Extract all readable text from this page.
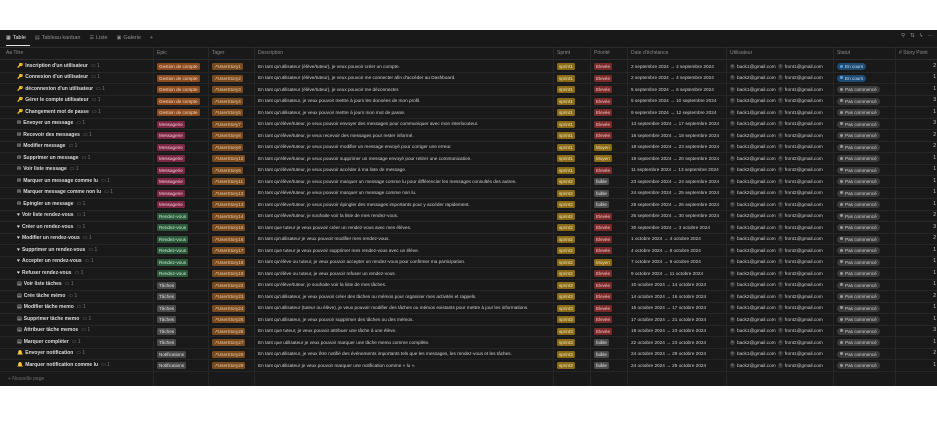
▦ Table ▤ Tableau kanban ☰ Liste ▣ Galerie +	⚲ ⇅ ϟ ⋯
Aa Titre	Epic	Tager	Description	Sprint	Priorité	Date d'échéance	Utilisateur	Statut	# Story Point
🔑 Inscription d'un utilisateur ▭ 1	Gestion de compte	↗UserStory1	En tant qu'utilisateur (élève/tuteur), je veux pouvoir créer un compte.	sprint1	Elevée	2 septembre 2024 → 4 septembre 2024	b back1@gmail.com	f front1@gmail.com	En cours	2
🔑 Connexion d'un utilisateur ▭ 1	Gestion de compte	↗UserStory2	En tant qu'utilisateur (élève/tuteur), je veux pouvoir me connecter afin d'accéder au Dashboard.	sprint1	Elevée	2 septembre 2024 → 4 septembre 2024	b back2@gmail.com	f front2@gmail.com	En cours	1
🔑 déconnexion d'un utilisateur ▭ 1	Gestion de compte	↗UserStory3	En tant qu'utilisateur (élève/tuteur), je veux pouvoir me déconnecter.	sprint1	Elevée	5 septembre 2024 → 6 septembre 2024	b back1@gmail.com	f front1@gmail.com	Pas commencé	1
🔑 Gérer le compte utilisateur ▭ 1	Gestion de compte	↗UserStory4	En tant qu'utilisateur, je veux pouvoir mettre à jours les données de mon profil.	sprint1	Elevée	5 septembre 2024 → 10 septembre 2024	b back2@gmail.com	f front2@gmail.com	Pas commencé	3
🔑 Changement mot de passe ▭ 1	Gestion de compte	↗UserStory5	En tant qu'utilisateur, je veux pouvoir mettre à jours mon mot de passe.	sprint1	Elevée	9 septembre 2024 → 12 septembre 2024	b back1@gmail.com	f front1@gmail.com	Pas commencé	1
✉ Envoyer un message ▭ 1	Messagerie	↗UserStory7	En tant qu'élève/tuteur, je veux pouvoir envoyer des messages pour communiquer avec mon interlocuteur.	sprint1	Elevée	13 septembre 2024 → 17 septembre 2024	b back1@gmail.com	f front1@gmail.com	Pas commencé	3
✉ Recevoir des messages ▭ 1	Messagerie	↗UserStory8	En tant qu'élève/tuteur, je veux recevoir des messages pour rester informé.	sprint1	Elevée	16 septembre 2024 → 18 septembre 2024	b back2@gmail.com	f front2@gmail.com	Pas commencé	2
✉ Modifier message ▭ 1	Messagerie	↗UserStory9	En tant qu'élève/tuteur, je veux pouvoir modifier un message envoyé pour corriger une erreur.	sprint1	Moyen	18 septembre 2024 → 23 septembre 2024	b back1@gmail.com	f front1@gmail.com	Pas commencé	2
✉ Supprimer un message ▭ 1	Messagerie	↗UserStory10	En tant qu'élève/tuteur, je veux pouvoir supprimer un message envoyé pour retirer une communication.	sprint1	Moyen	19 septembre 2024 → 20 septembre 2024	b back2@gmail.com	f front2@gmail.com	Pas commencé	1
✉ Voir liste message ▭ 1	Messagerie	↗UserStory6	En tant qu'élève/tuteur, je veux pouvoir accéder à ma liste de message.	sprint1	Elevée	11 septembre 2024 → 13 septembre 2024	b back2@gmail.com	f front2@gmail.com	Pas commencé	1
✉ Marquer un message comme lu ▭ 1	Messagerie	↗UserStory11	En tant qu'élève/tuteur, je veux pouvoir marquer un message comme lu pour différencier les messages consultés des autres.	sprint2	faible	23 septembre 2024 → 24 septembre 2024	b back1@gmail.com	f front1@gmail.com	Pas commencé	1
✉ Marquer message comme non lu ▭ 1	Messagerie	↗UserStory12	En tant qu'élève/tuteur, je veux pouvoir marquer un message comme non lu.	sprint2	faible	24 septembre 2024 → 25 septembre 2024	b back2@gmail.com	f front2@gmail.com	Pas commencé	1
✉ Epingler un message ▭ 1	Messagerie	↗UserStory13	En tant qu'élève/tuteur, je veux pouvoir épingler des messages importants pour y accéder rapidement.	sprint2	faible	25 septembre 2024 → 26 septembre 2024	b back1@gmail.com	f front1@gmail.com	Pas commencé	1
♥ Voir liste rendez-vous ▭ 1	Rendez-vous	↗UserStory14	En tant qu'élève/tuteur, je souhaite voir la liste de mes rendez-vous.	sprint2	Elevée	26 septembre 2024 → 30 septembre 2024	b back2@gmail.com	f front2@gmail.com	Pas commencé	2
♥ Créer un rendez-vous ▭ 1	Rendez-vous	↗UserStory15	En tant que tuteur je veux pouvoir créer un rendez-vous avec mes élèves.	sprint2	Elevée	30 septembre 2024 → 3 octobre 2024	b back1@gmail.com	f front1@gmail.com	Pas commencé	3
♥ Modifier un rendez-vous ▭ 1	Rendez-vous	↗UserStory16	En tant qu'utilisateur je veux pouvoir modifier mes rendez-vous.	sprint2	Elevée	1 octobre 2024 → 4 octobre 2024	b back1@gmail.com	f front1@gmail.com	Pas commencé	2
♥ Supprimer un rendez-vous ▭ 1	Rendez-vous	↗UserStory17	En tant que tuteur je veux pouvoir supprimer mes rendez-vous avec un élève.	sprint2	Elevée	4 octobre 2024 → 8 octobre 2024	b back2@gmail.com	f front2@gmail.com	Pas commencé	1
♥ Accepter un rendez-vous ▭ 1	Rendez-vous	↗UserStory18	En tant qu'élève ou tuteur, je veux pouvoir accepter un rendez-vous pour confirmer ma participation.	sprint2	Moyen	7 octobre 2024 → 9 octobre 2024	b back1@gmail.com	f front1@gmail.com	Pas commencé	1
♥ Refuser rendez-vous ▭ 1	Rendez-vous	↗UserStory19	En tant qu'élève ou tuteur, je veux pouvoir refuser un rendez-vous.	sprint2	Elevée	9 octobre 2024 → 11 octobre 2024	b back2@gmail.com	f front2@gmail.com	Pas commencé	1
▤ Voir liste tâches ▭ 1	Tâches	↗UserStory22	En tant qu'élève/tuteur, je souhaite voir la liste de mes tâches.	sprint3	Elevée	10 octobre 2024 → 14 octobre 2024	b back1@gmail.com	f front1@gmail.com	Pas commencé	1
▤ Crée tâche mémo ▭ 1	Tâches	↗UserStory23	En tant qu'utilisateur, je veux pouvoir créer des tâches ou mémos pour organiser mes activités et rappels.	sprint3	Elevée	14 octobre 2024 → 16 octobre 2024	b back2@gmail.com	f front2@gmail.com	Pas commencé	2
▤ Modifier tâche memo ▭ 1	Tâches	↗UserStory24	En tant qu'utilisateur (tuteur ou élève), je veux pouvoir modifier des tâches ou mémos existants pour mettre à jour les informations.	sprint3	Elevée	15 octobre 2024 → 17 octobre 2024	b back1@gmail.com	f front1@gmail.com	Pas commencé	1
▤ Supprimer tâche memo ▭ 1	Tâches	↗UserStory25	En tant qu'utilisateur, je veux pouvoir supprimer des tâches ou des mémos.	sprint3	Elevée	17 octobre 2024 → 21 octobre 2024	b back2@gmail.com	f front2@gmail.com	Pas commencé	1
▤ Attribuer tâche memos ▭ 1	Tâches	↗UserStory26	En tant que tuteur, je veux pouvoir attribuer une tâche à une élève.	sprint3	Elevée	18 octobre 2024 → 23 octobre 2024	b back1@gmail.com	f front1@gmail.com	Pas commencé	3
▤ Marquer complèter ▭ 1	Tâches	↗UserStory27	En tant que utilisateur je veux pouvoir marquer une tâche memo comme complète.	sprint3	faible	22 octobre 2024 → 23 octobre 2024	b back2@gmail.com	f front2@gmail.com	Pas commencé	1
🔔 Envoyer notification ▭ 1	Notifications	↗UserStory28	En tant qu'utilisateur, je veux être notifié des événements importants tels que les messages, les rendez-vous et les tâches.	sprint3	faible	24 octobre 2024 → 29 octobre 2024	b back1@gmail.com	f front1@gmail.com	Pas commencé	2
🔔 Marquer notification comme lu ▭ 1	Notifications	↗UserStory29	En tant qu'utilisateur je veux pouvoir marquer une notification comme « lu ».	sprint3	faible	24 octobre 2024 → 25 octobre 2024	b back2@gmail.com	f front2@gmail.com	Pas commencé	1
+ Nouvelle page
